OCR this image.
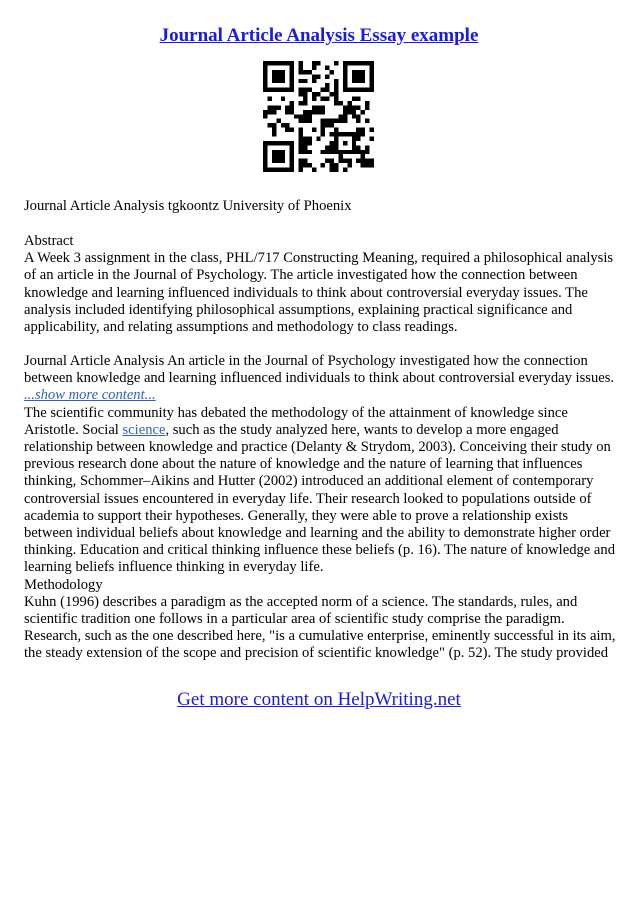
Journal Article Analysis Essay example

Journal Article Analysis tgkoontz University of Phoenix

Abstract

A Week 3 assignment in the class, PHL/717 Constructing Meaning, required a philosophical analysis of an article in the Journal of Psychology. The article investigated how the connection between knowledge and learning influenced individuals to think about controversial everyday issues. The analysis included identifying philosophical assumptions, explaining practical significance and applicability, and relating assumptions and methodology to class readings.

Journal Article Analysis An article in the Journal of Psychology investigated how the connection between knowledge and learning influenced individuals to think about controversial everyday issues.

...show more content...

The scientific community has debated the methodology of the attainment of knowledge since Aristotle. Social science, such as the study analyzed here, wants to develop a more engaged relationship between knowledge and practice (Delanty & Strydom, 2003). Conceiving their study on previous research done about the nature of knowledge and the nature of learning that influences thinking, Schommer–Aikins and Hutter (2002) introduced an additional element of contemporary controversial issues encountered in everyday life. Their research looked to populations outside of academia to support their hypotheses. Generally, they were able to prove a relationship exists between individual beliefs about knowledge and learning and the ability to demonstrate higher order thinking. Education and critical thinking influence these beliefs (p. 16). The nature of knowledge and learning beliefs influence thinking in everyday life.

Methodology

Kuhn (1996) describes a paradigm as the accepted norm of a science. The standards, rules, and scientific tradition one follows in a particular area of scientific study comprise the paradigm. Research, such as the one described here, "is a cumulative enterprise, eminently successful in its aim, the steady extension of the scope and precision of scientific knowledge" (p. 52). The study provided

Get more content on HelpWriting.net
